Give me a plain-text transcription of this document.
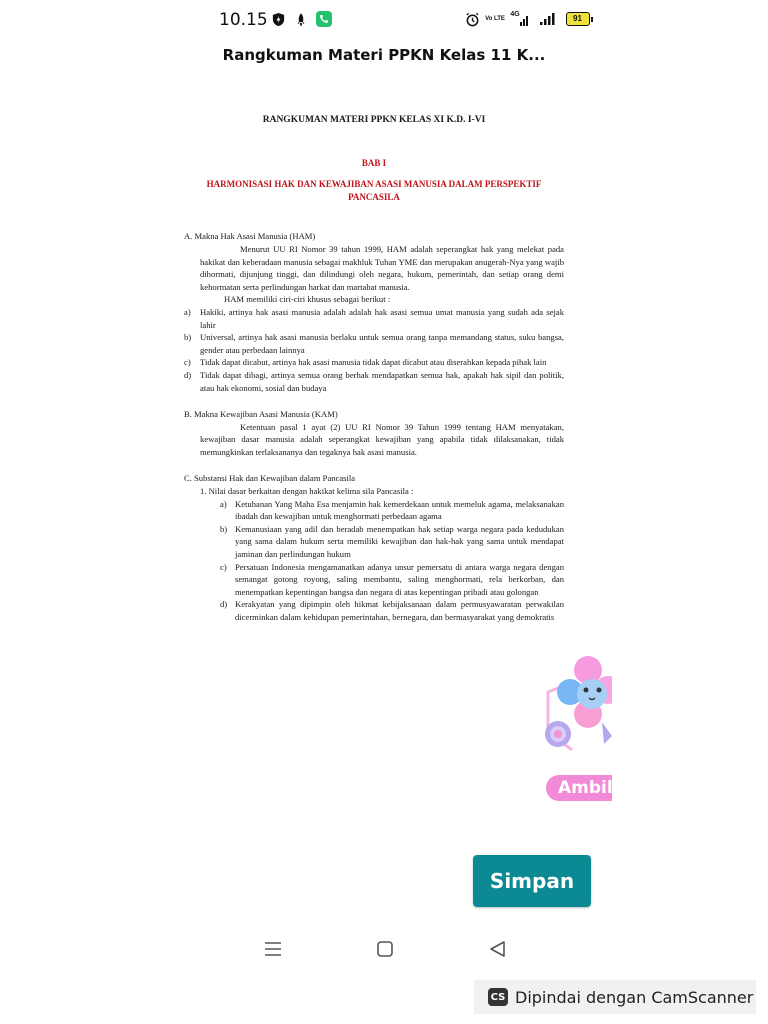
10.15	Vo LTE
4G	91
Rangkuman Materi PPKN Kelas 11 K...

RANGKUMAN MATERI PPKN KELAS XI K.D. I-VI

BAB I

HARMONISASI HAK DAN KEWAJIBAN ASASI MANUSIA DALAM PERSPEKTIF PANCASILA

A. Makna Hak Asasi Manusia (HAM)

Menurut UU RI Nomor 39 tahun 1999, HAM adalah seperangkat hak yang melekat pada hakikat dan keberadaan manusia sebagai makhluk Tuhan YME dan merupakan anugerah-Nya yang wajib dihormati, dijunjung tinggi, dan dilindungi oleh negara, hukum, pemerintah, dan setiap orang demi kehormatan serta perlindungan harkat dan martabat manusia.

HAM memiliki ciri-ciri khusus sebagai berikut :

a)	Hakiki, artinya hak asasi manusia adalah adalah hak asasi semua umat manusia yang sudah ada sejak lahir
b)	Universal, artinya hak asasi manusia berlaku untuk semua orang tanpa memandang status, suku bangsa, gender atau perbedaan lainnya
c)	Tidak dapat dicabut, artinya hak asasi manusia tidak dapat dicabut atau diserahkan kepada pihak lain
d)	Tidak dapat dibagi, artinya semua orang berhak mendapatkan semua hak, apakah hak sipil dan politik, atau hak ekonomi, sosial dan budaya

B. Makna Kewajiban Asasi Manusia (KAM)

Ketentuan pasal 1 ayat (2) UU RI Nomor 39 Tahun 1999 tentang HAM menyatakan, kewajiban dasar manusia adalah seperangkat kewajiban yang apabila tidak dilaksanakan, tidak memungkinkan terlaksananya dan tegaknya hak asasi manusia.

C. Substansi Hak dan Kewajiban dalam Pancasila

1. Nilai dasar berkaitan dengan hakikat kelima sila Pancasila :

a) Ketuhanan Yang Maha Esa menjamin hak kemerdekaan untuk memeluk agama, melaksanakan ibadah dan kewajiban untuk menghormati perbedaan agama
b) Kemanusiaan yang adil dan beradab menempatkan hak setiap warga negara pada kedudukan yang sama dalam hukum serta memiliki kewajiban dan hak-hak yang sama untuk mendapat jaminan dan perlindungan hukum
c) Persatuan Indonesia mengamanatkan adanya unsur pemersatu di antara warga negara dengan semangat gotong royong, saling membantu, saling menghormati, rela berkorban, dan menempatkan kepentingan bangsa dan negara di atas kepentingan pribadi atau golongan
d) Kerakyatan yang dipimpin oleh hikmat kebijaksanaan dalam permusyawaratan perwakilan dicerminkan dalam kehidupan pemerintahan, bernegara, dan bermasyarakat yang demokratis
Ambil
Simpan
CS Dipindai dengan CamScanner
